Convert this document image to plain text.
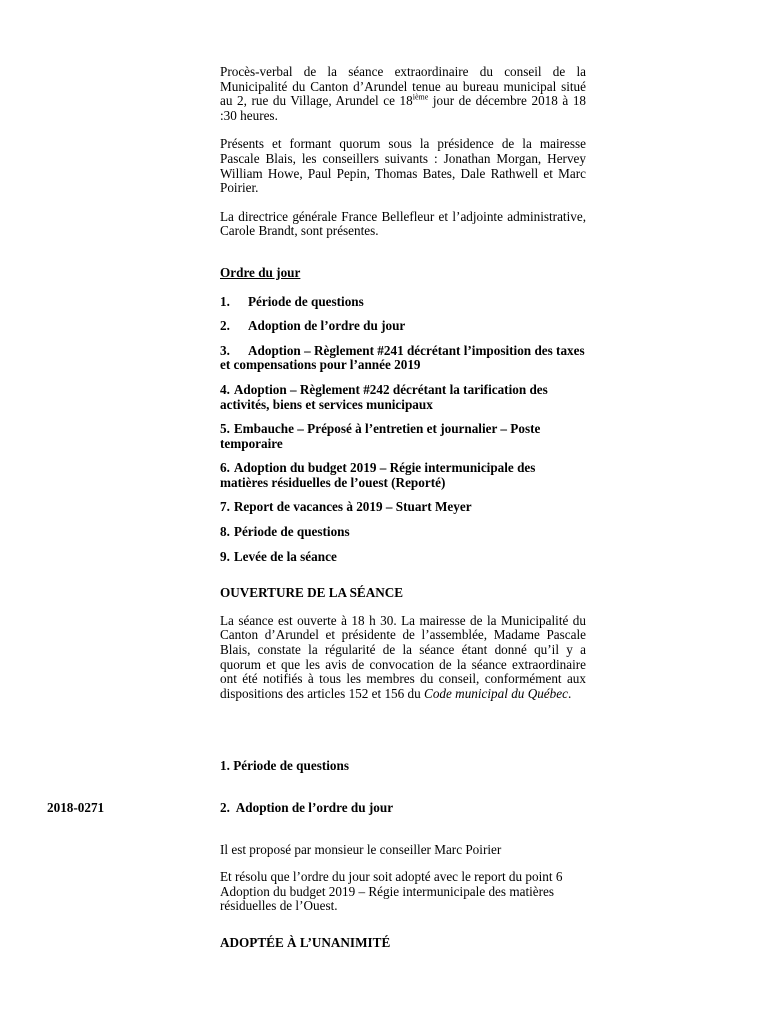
Procès-verbal de la séance extraordinaire du conseil de la Municipalité du Canton d’Arundel tenue au bureau municipal situé au 2, rue du Village, Arundel ce 18ième jour de décembre 2018 à 18 :30 heures.

Présents et formant quorum sous la présidence de la mairesse Pascale Blais, les conseillers suivants : Jonathan Morgan, Hervey William Howe, Paul Pepin, Thomas Bates, Dale Rathwell et Marc Poirier.

La directrice générale France Bellefleur et l’adjointe administrative, Carole Brandt, sont présentes.

Ordre du jour

1. Période de questions

2. Adoption de l’ordre du jour

3. Adoption – Règlement #241 décrétant l’imposition des taxes et compensations pour l’année 2019

4. Adoption – Règlement #242 décrétant la tarification des activités, biens et services municipaux

5. Embauche – Préposé à l’entretien et journalier – Poste temporaire

6. Adoption du budget 2019 – Régie intermunicipale des matières résiduelles de l’ouest (Reporté)

7. Report de vacances à 2019 – Stuart Meyer

8. Période de questions

9. Levée de la séance

OUVERTURE DE LA SÉANCE

La séance est ouverte à 18 h 30. La mairesse de la Municipalité du Canton d’Arundel et présidente de l’assemblée, Madame Pascale Blais, constate la régularité de la séance étant donné qu’il y a quorum et que les avis de convocation de la séance extraordinaire ont été notifiés à tous les membres du conseil, conformément aux dispositions des articles 152 et 156 du Code municipal du Québec.

1. Période de questions

2018-0271	2.  Adoption de l’ordre du jour

Il est proposé par monsieur le conseiller Marc Poirier

Et résolu que l’ordre du jour soit adopté avec le report du point 6 Adoption du budget 2019 – Régie intermunicipale des matières résiduelles de l’Ouest.

ADOPTÉE À L’UNANIMITÉ
